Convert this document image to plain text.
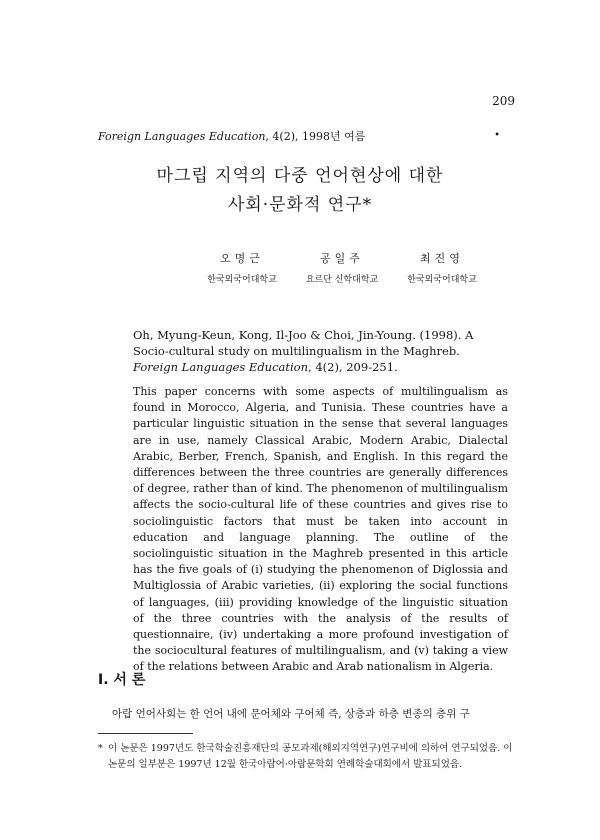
209
Foreign Languages Education, 4(2), 1998년 여름	•
마그립 지역의 다중 언어현상에 대한
사회·문화적 연구*
오명근
한국외국어대학교
공일주
요르단 신학대학교
최진영
한국외국어대학교
Oh, Myung-Keun, Kong, Il-Joo & Choi, Jin-Young. (1998). A Socio-cultural study on multilingualism in the Maghreb. Foreign Languages Education, 4(2), 209-251.

This paper concerns with some aspects of multilingualism as found in Morocco, Algeria, and Tunisia. These countries have a particular linguistic situation in the sense that several languages are in use, namely Classical Arabic, Modern Arabic, Dialectal Arabic, Berber, French, Spanish, and English. In this regard the differences between the three countries are generally differences of degree, rather than of kind. The phenomenon of multilingualism affects the socio-cultural life of these countries and gives rise to sociolinguistic factors that must be taken into account in education and language planning. The outline of the sociolinguistic situation in the Maghreb presented in this article has the five goals of (i) studying the phenomenon of Diglossia and Multiglossia of Arabic varieties, (ii) exploring the social functions of languages, (iii) providing knowledge of the linguistic situation of the three countries with the analysis of the results of questionnaire, (iv) undertaking a more profound investigation of the sociocultural features of multilingualism, and (v) taking a view of the relations between Arabic and Arab nationalism in Algeria.

Ⅰ. 서 론
아랍 언어사회는 한 언어 내에 문어체와 구어체 즉, 상층과 하층 변종의 층위 구
* 이 논문은 1997년도 한국학술진흥재단의 공모과제(해외지역연구)연구비에 의하여 연구되었음. 이 논문의 일부분은 1997년 12월 한국아랍어·아랍문학회 연례학술대회에서 발표되었음.
